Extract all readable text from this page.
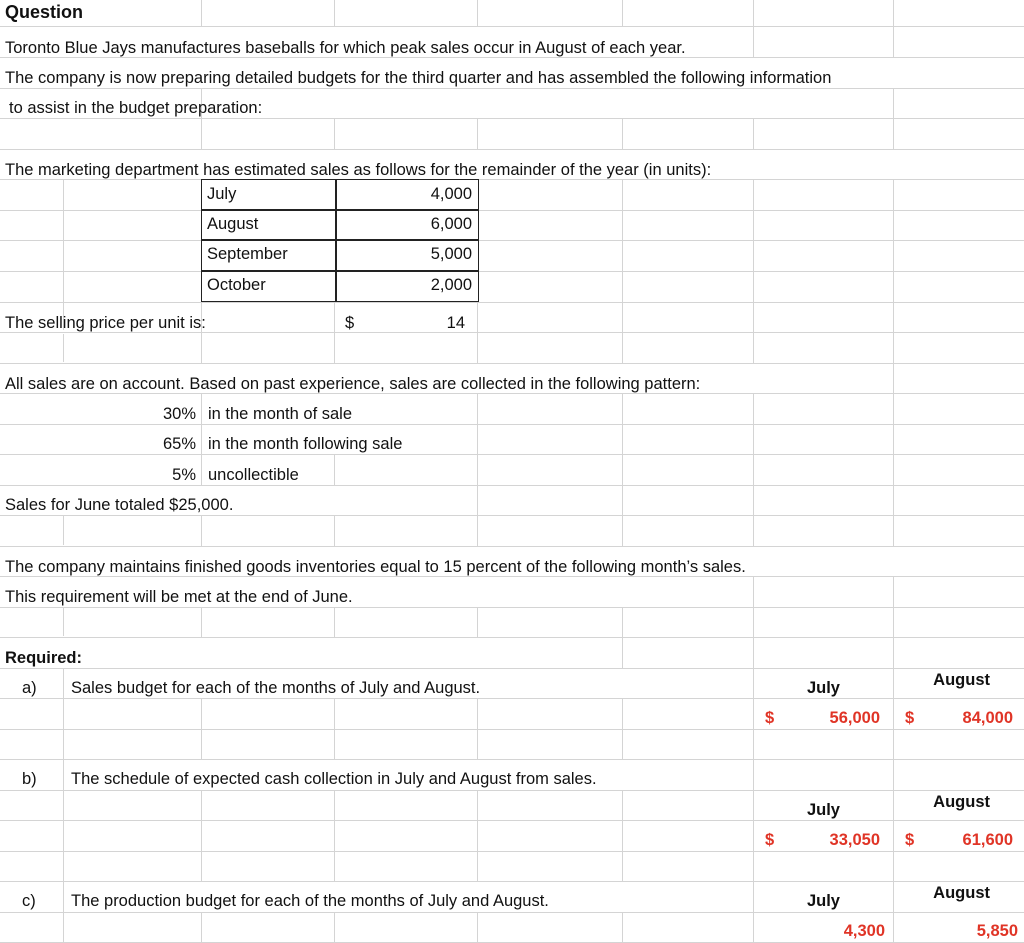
Question
Toronto Blue Jays manufactures baseballs for which peak sales occur in August of each year.
The company is now preparing detailed budgets for the third quarter and has assembled the following information
to assist in the budget preparation:
The marketing department has estimated sales as follows for the remainder of the year (in units):
July	4,000
August	6,000
September	5,000
October	2,000
The selling price per unit is:	$	14
All sales are on account. Based on past experience, sales are collected in the following pattern:
30% in the month of sale
65% in the month following sale
5% uncollectible
Sales for June totaled $25,000.
The company maintains finished goods inventories equal to 15 percent of the following month’s sales.
This requirement will be met at the end of June.
Required:
a) Sales budget for each of the months of July and August.	July	August
$	56,000 $	84,000
b) The schedule of expected cash collection in July and August from sales.
July	August
$	33,050 $	61,600
c) The production budget for each of the months of July and August.	July	August
4,300	5,850
